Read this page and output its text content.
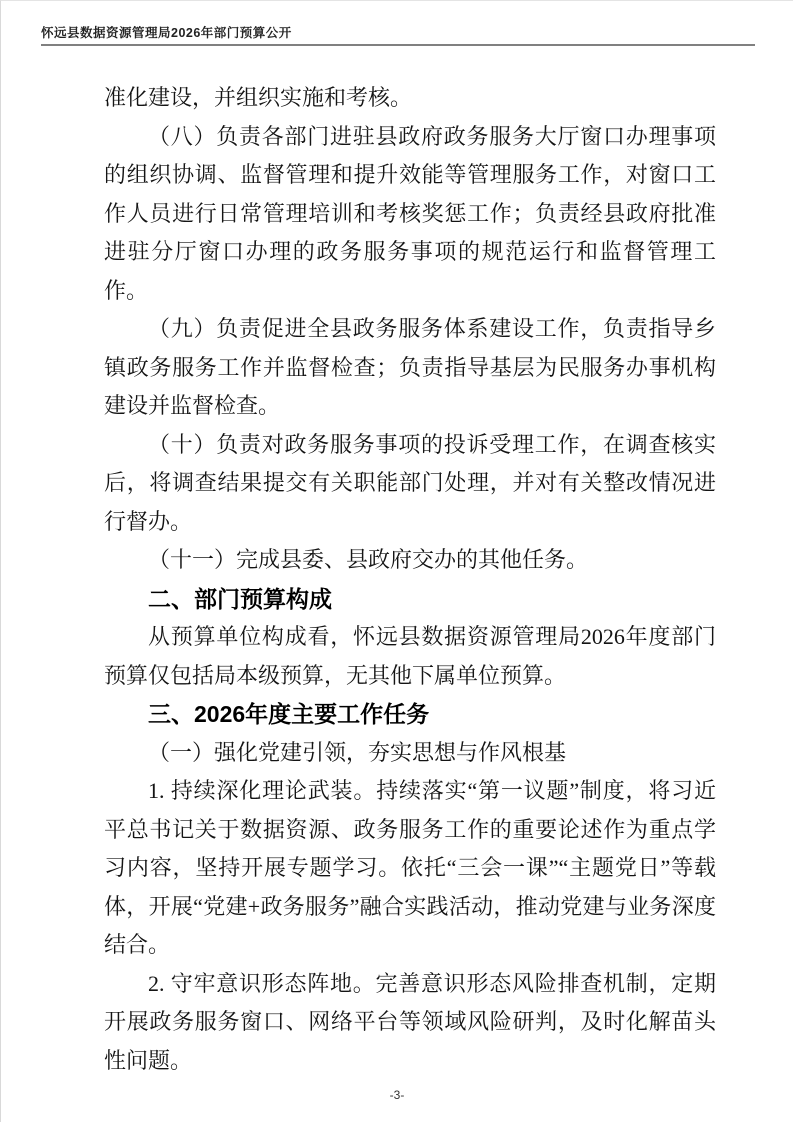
怀远县数据资源管理局2026年部门预算公开

准化建设，并组织实施和考核。

（八）负责各部门进驻县政府政务服务大厅窗口办理事项的组织协调、监督管理和提升效能等管理服务工作，对窗口工作人员进行日常管理培训和考核奖惩工作；负责经县政府批准进驻分厅窗口办理的政务服务事项的规范运行和监督管理工作。

（九）负责促进全县政务服务体系建设工作，负责指导乡镇政务服务工作并监督检查；负责指导基层为民服务办事机构建设并监督检查。

（十）负责对政务服务事项的投诉受理工作，在调查核实后，将调查结果提交有关职能部门处理，并对有关整改情况进行督办。

（十一）完成县委、县政府交办的其他任务。

二、部门预算构成

从预算单位构成看，怀远县数据资源管理局2026年度部门预算仅包括局本级预算，无其他下属单位预算。

三、2026年度主要工作任务

（一）强化党建引领，夯实思想与作风根基

1. 持续深化理论武装。持续落实“第一议题”制度，将习近平总书记关于数据资源、政务服务工作的重要论述作为重点学习内容，坚持开展专题学习。依托“三会一课”“主题党日”等载体，开展“党建+政务服务”融合实践活动，推动党建与业务深度结合。

2. 守牢意识形态阵地。完善意识形态风险排查机制，定期开展政务服务窗口、网络平台等领域风险研判，及时化解苗头性问题。

-3-
